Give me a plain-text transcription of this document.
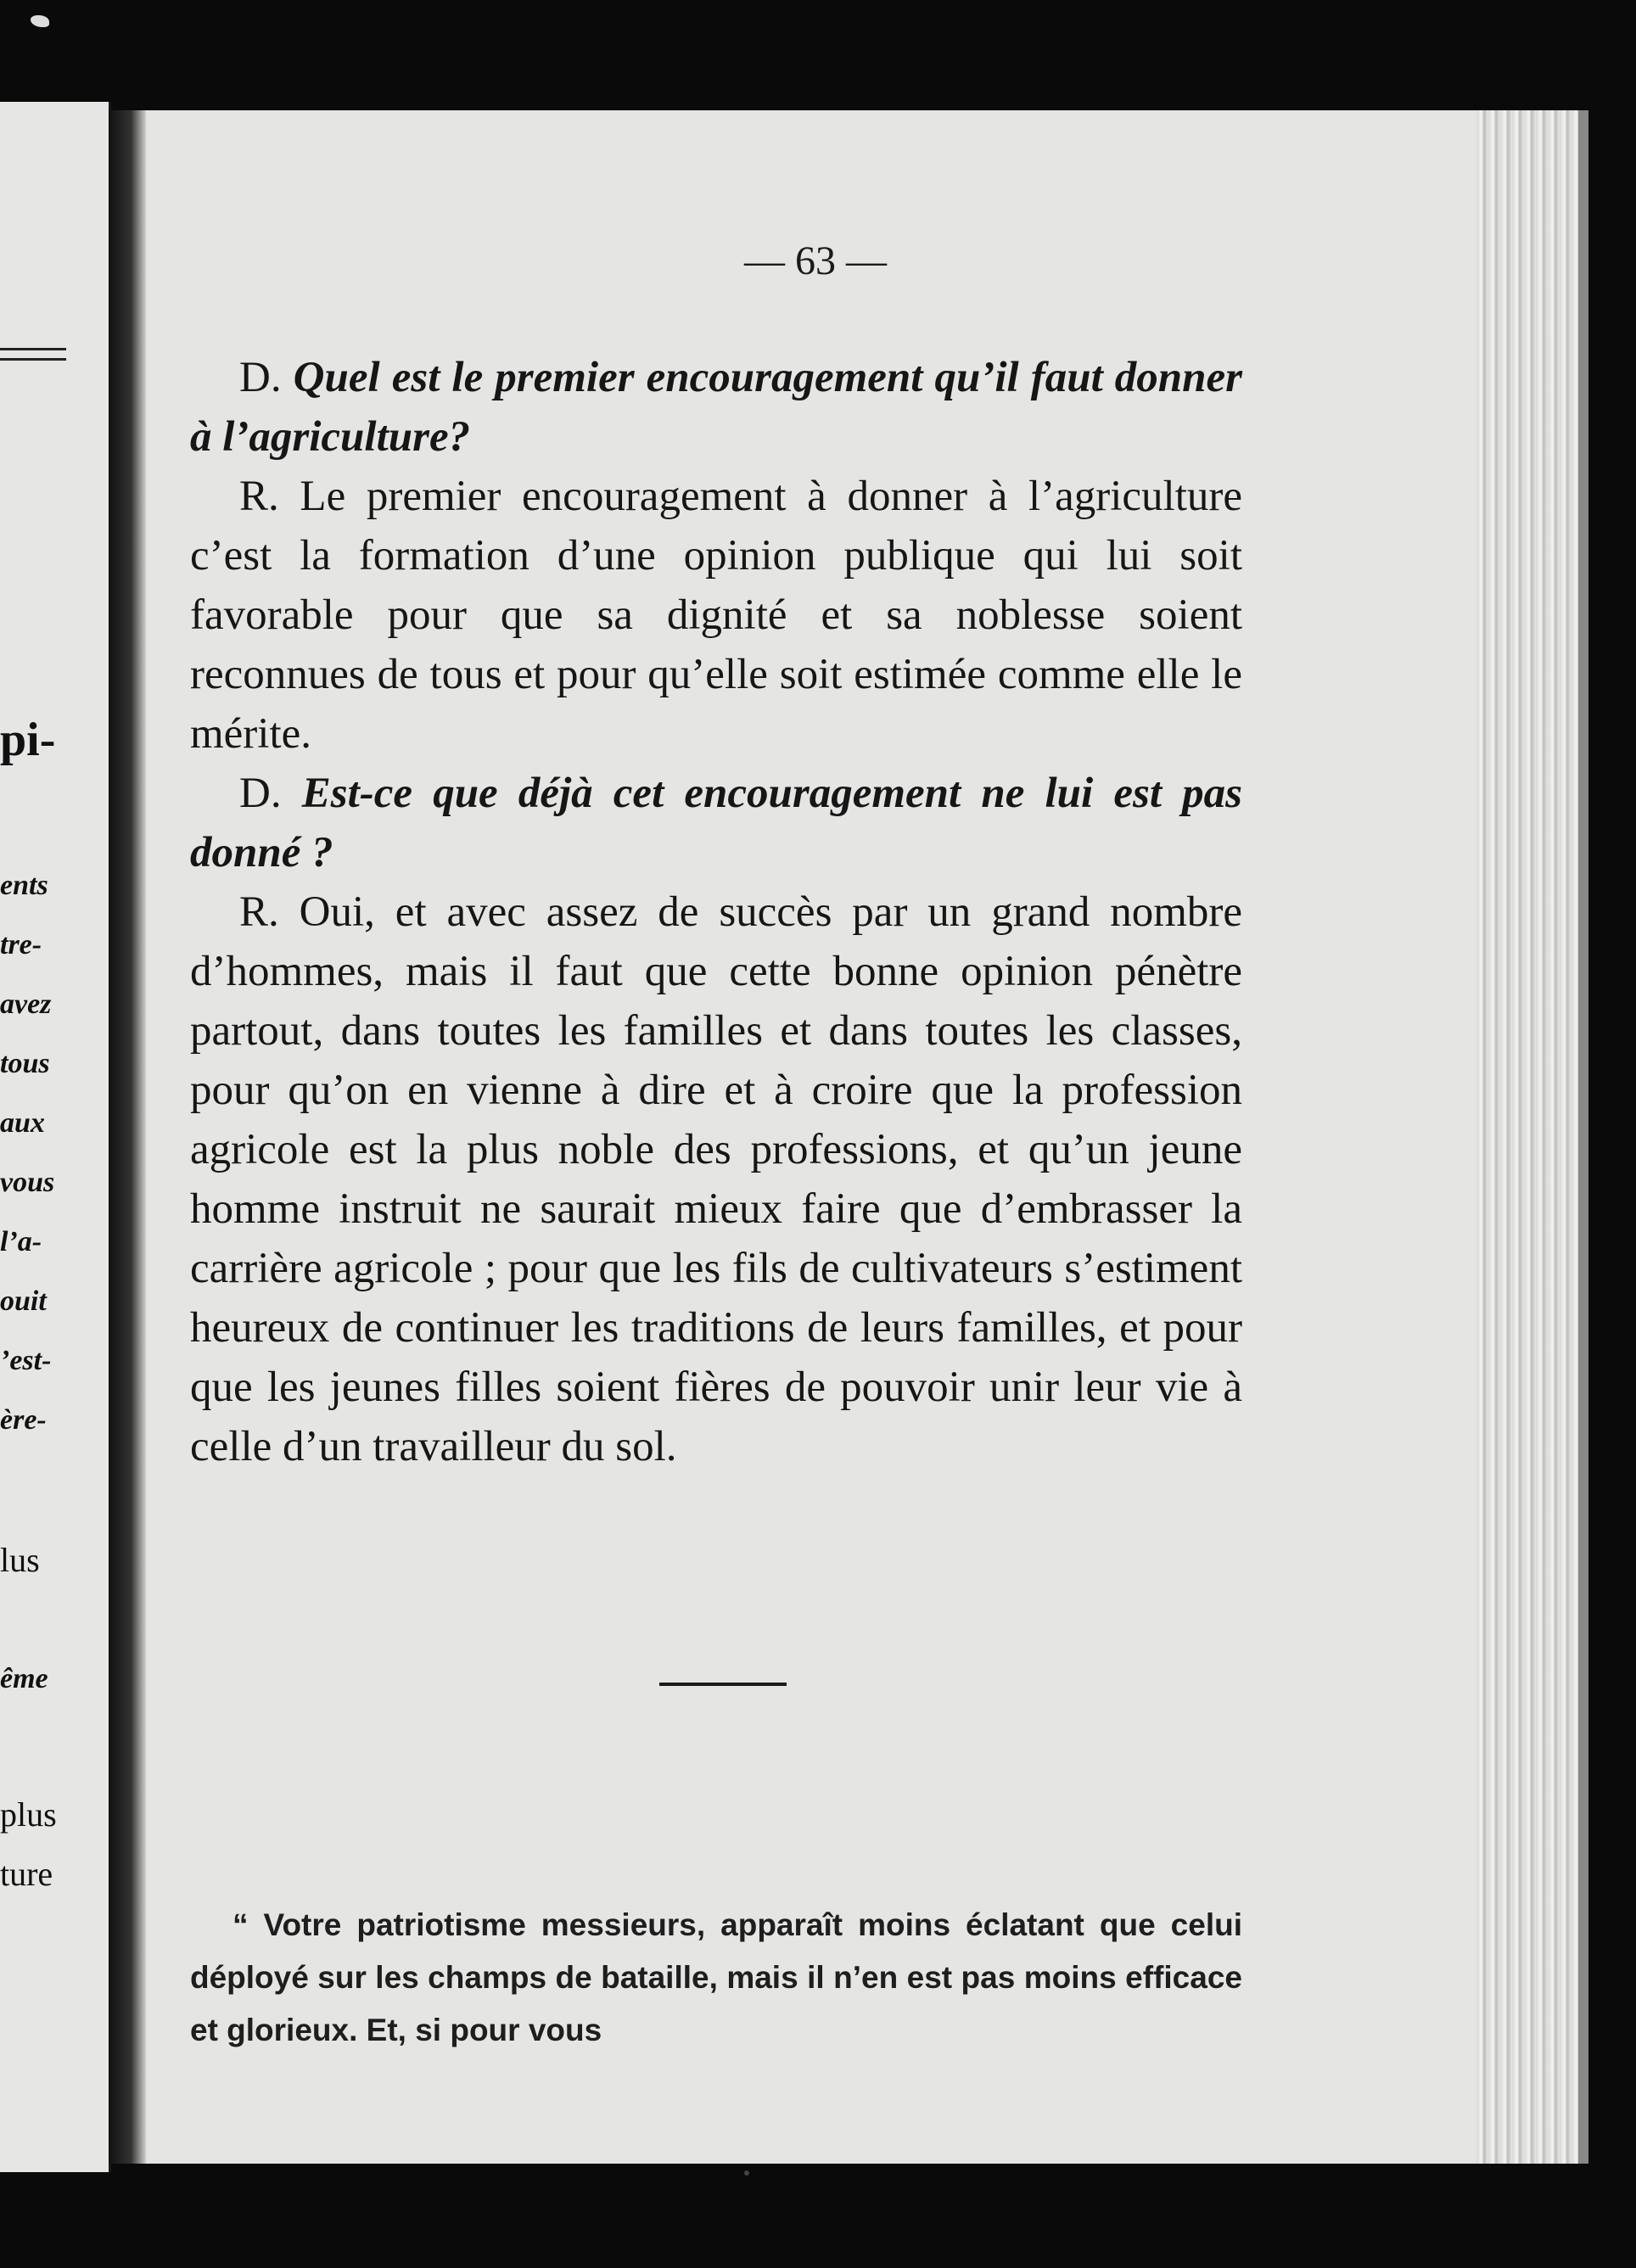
pi-
ents
tre-
avez
tous
aux
vous
l’a-
ouit
’est-
ère-
lus
ême
plus
ture
— 63 —

D. Quel est le premier encouragement qu’il faut donner à l’agriculture?

R. Le premier encouragement à donner à l’agriculture c’est la formation d’une opinion publique qui lui soit favorable pour que sa dignité et sa noblesse soient reconnues de tous et pour qu’elle soit estimée comme elle le mérite.

D. Est-ce que déjà cet encouragement ne lui est pas donné ?

R. Oui, et avec assez de succès par un grand nombre d’hommes, mais il faut que cette bonne opinion pénètre partout, dans toutes les familles et dans toutes les classes, pour qu’on en vienne à dire et à croire que la profession agricole est la plus noble des professions, et qu’un jeune homme instruit ne saurait mieux faire que d’embrasser la carrière agricole ; pour que les fils de cultivateurs s’estiment heureux de continuer les traditions de leurs familles, et pour que les jeunes filles soient fières de pouvoir unir leur vie à celle d’un travailleur du sol.

“ Votre patriotisme messieurs, apparaît moins éclatant que celui déployé sur les champs de bataille, mais il n’en est pas moins efficace et glorieux. Et, si pour vous
